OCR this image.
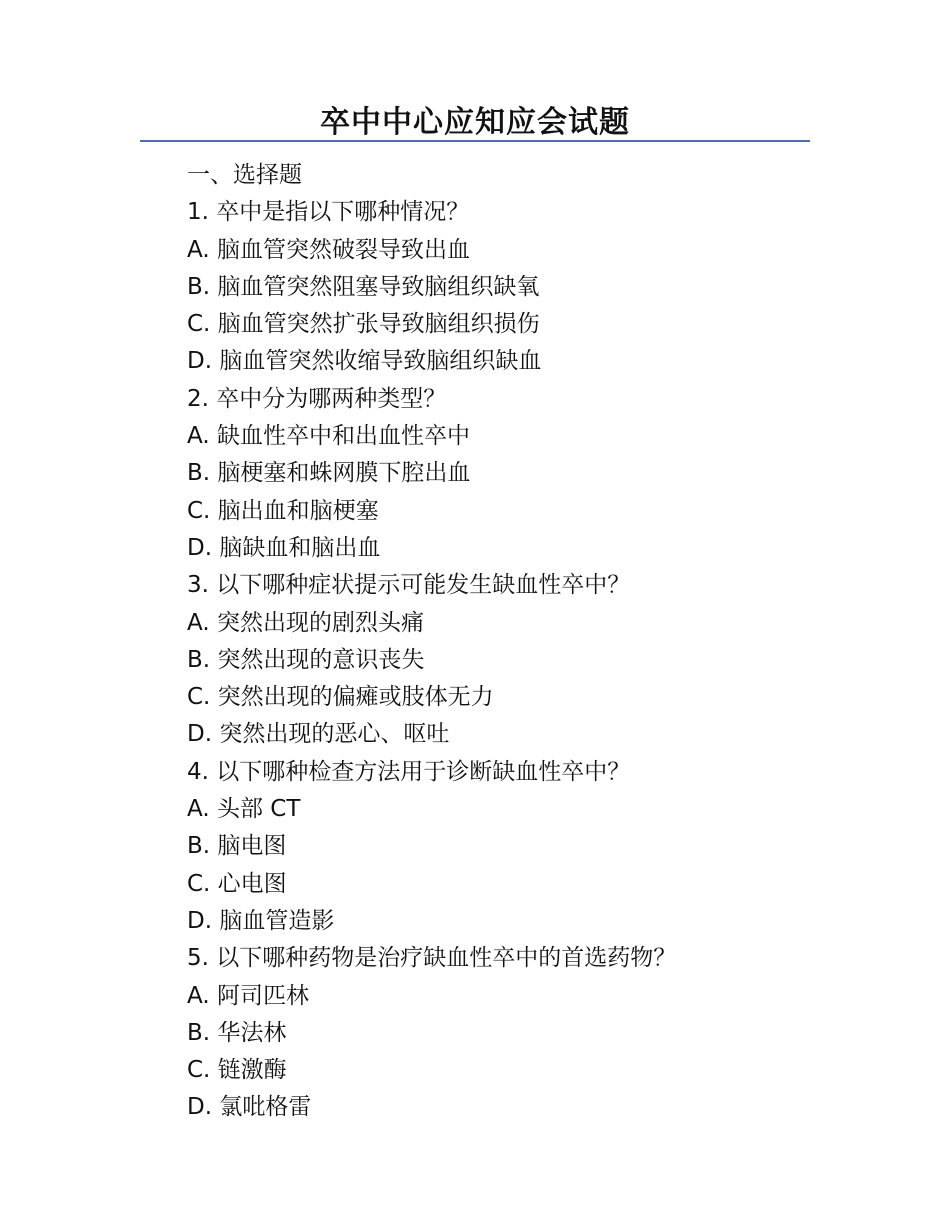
卒中中心应知应会试题
一、选择题
1. 卒中是指以下哪种情况？
A. 脑血管突然破裂导致出血
B. 脑血管突然阻塞导致脑组织缺氧
C. 脑血管突然扩张导致脑组织损伤
D. 脑血管突然收缩导致脑组织缺血
2. 卒中分为哪两种类型？
A. 缺血性卒中和出血性卒中
B. 脑梗塞和蛛网膜下腔出血
C. 脑出血和脑梗塞
D. 脑缺血和脑出血
3. 以下哪种症状提示可能发生缺血性卒中？
A. 突然出现的剧烈头痛
B. 突然出现的意识丧失
C. 突然出现的偏瘫或肢体无力
D. 突然出现的恶心、呕吐
4. 以下哪种检查方法用于诊断缺血性卒中？
A. 头部 CT
B. 脑电图
C. 心电图
D. 脑血管造影
5. 以下哪种药物是治疗缺血性卒中的首选药物？
A. 阿司匹林
B. 华法林
C. 链激酶
D. 氯吡格雷
